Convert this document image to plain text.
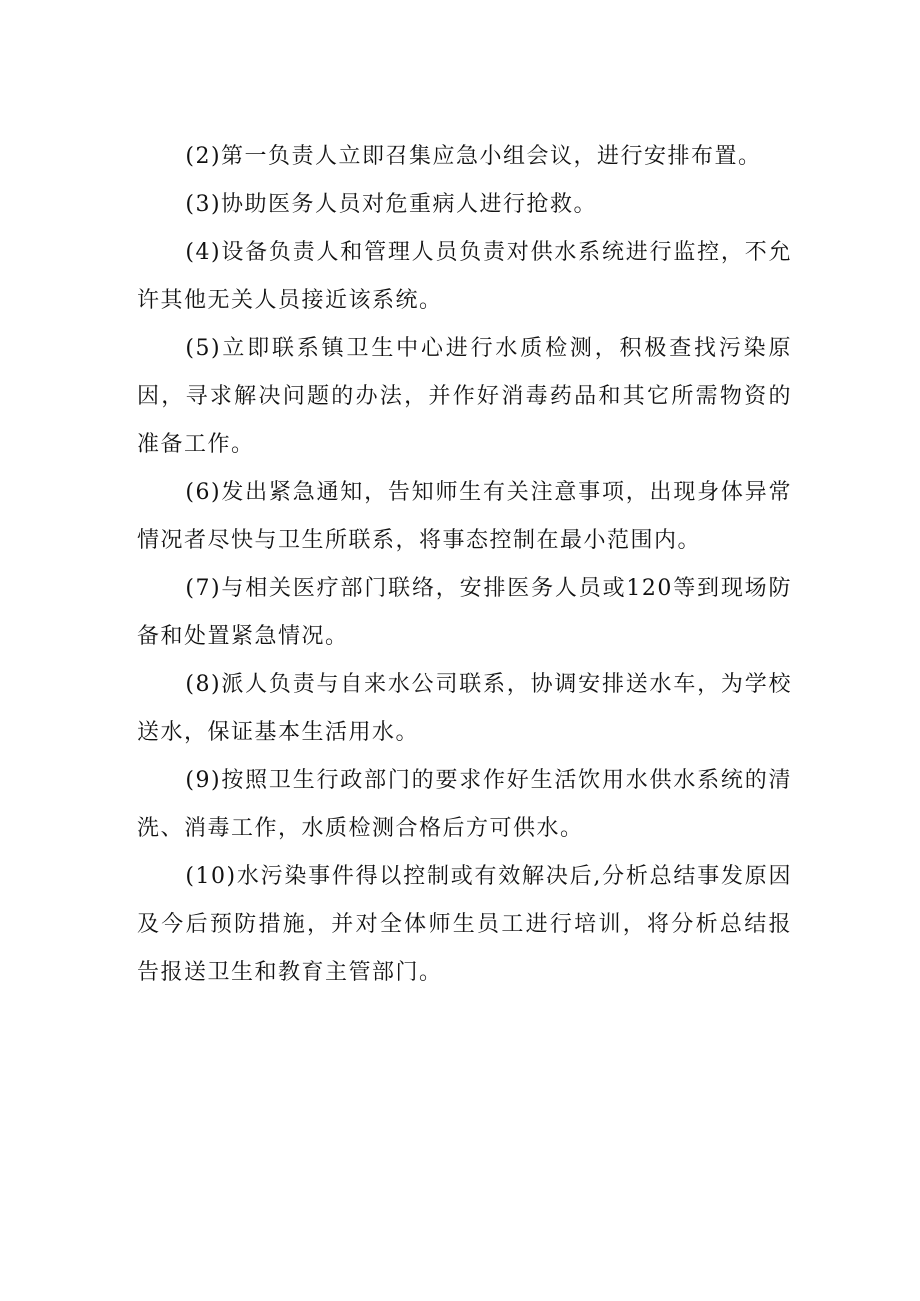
(2)第一负责人立即召集应急小组会议，进行安排布置。

(3)协助医务人员对危重病人进行抢救。

(4)设备负责人和管理人员负责对供水系统进行监控，不允许其他无关人员接近该系统。

(5)立即联系镇卫生中心进行水质检测，积极查找污染原因，寻求解决问题的办法，并作好消毒药品和其它所需物资的准备工作。

(6)发出紧急通知，告知师生有关注意事项，出现身体异常情况者尽快与卫生所联系，将事态控制在最小范围内。

(7)与相关医疗部门联络，安排医务人员或120等到现场防备和处置紧急情况。

(8)派人负责与自来水公司联系，协调安排送水车，为学校送水，保证基本生活用水。

(9)按照卫生行政部门的要求作好生活饮用水供水系统的清洗、消毒工作，水质检测合格后方可供水。

(10)水污染事件得以控制或有效解决后,分析总结事发原因及今后预防措施，并对全体师生员工进行培训，将分析总结报告报送卫生和教育主管部门。
